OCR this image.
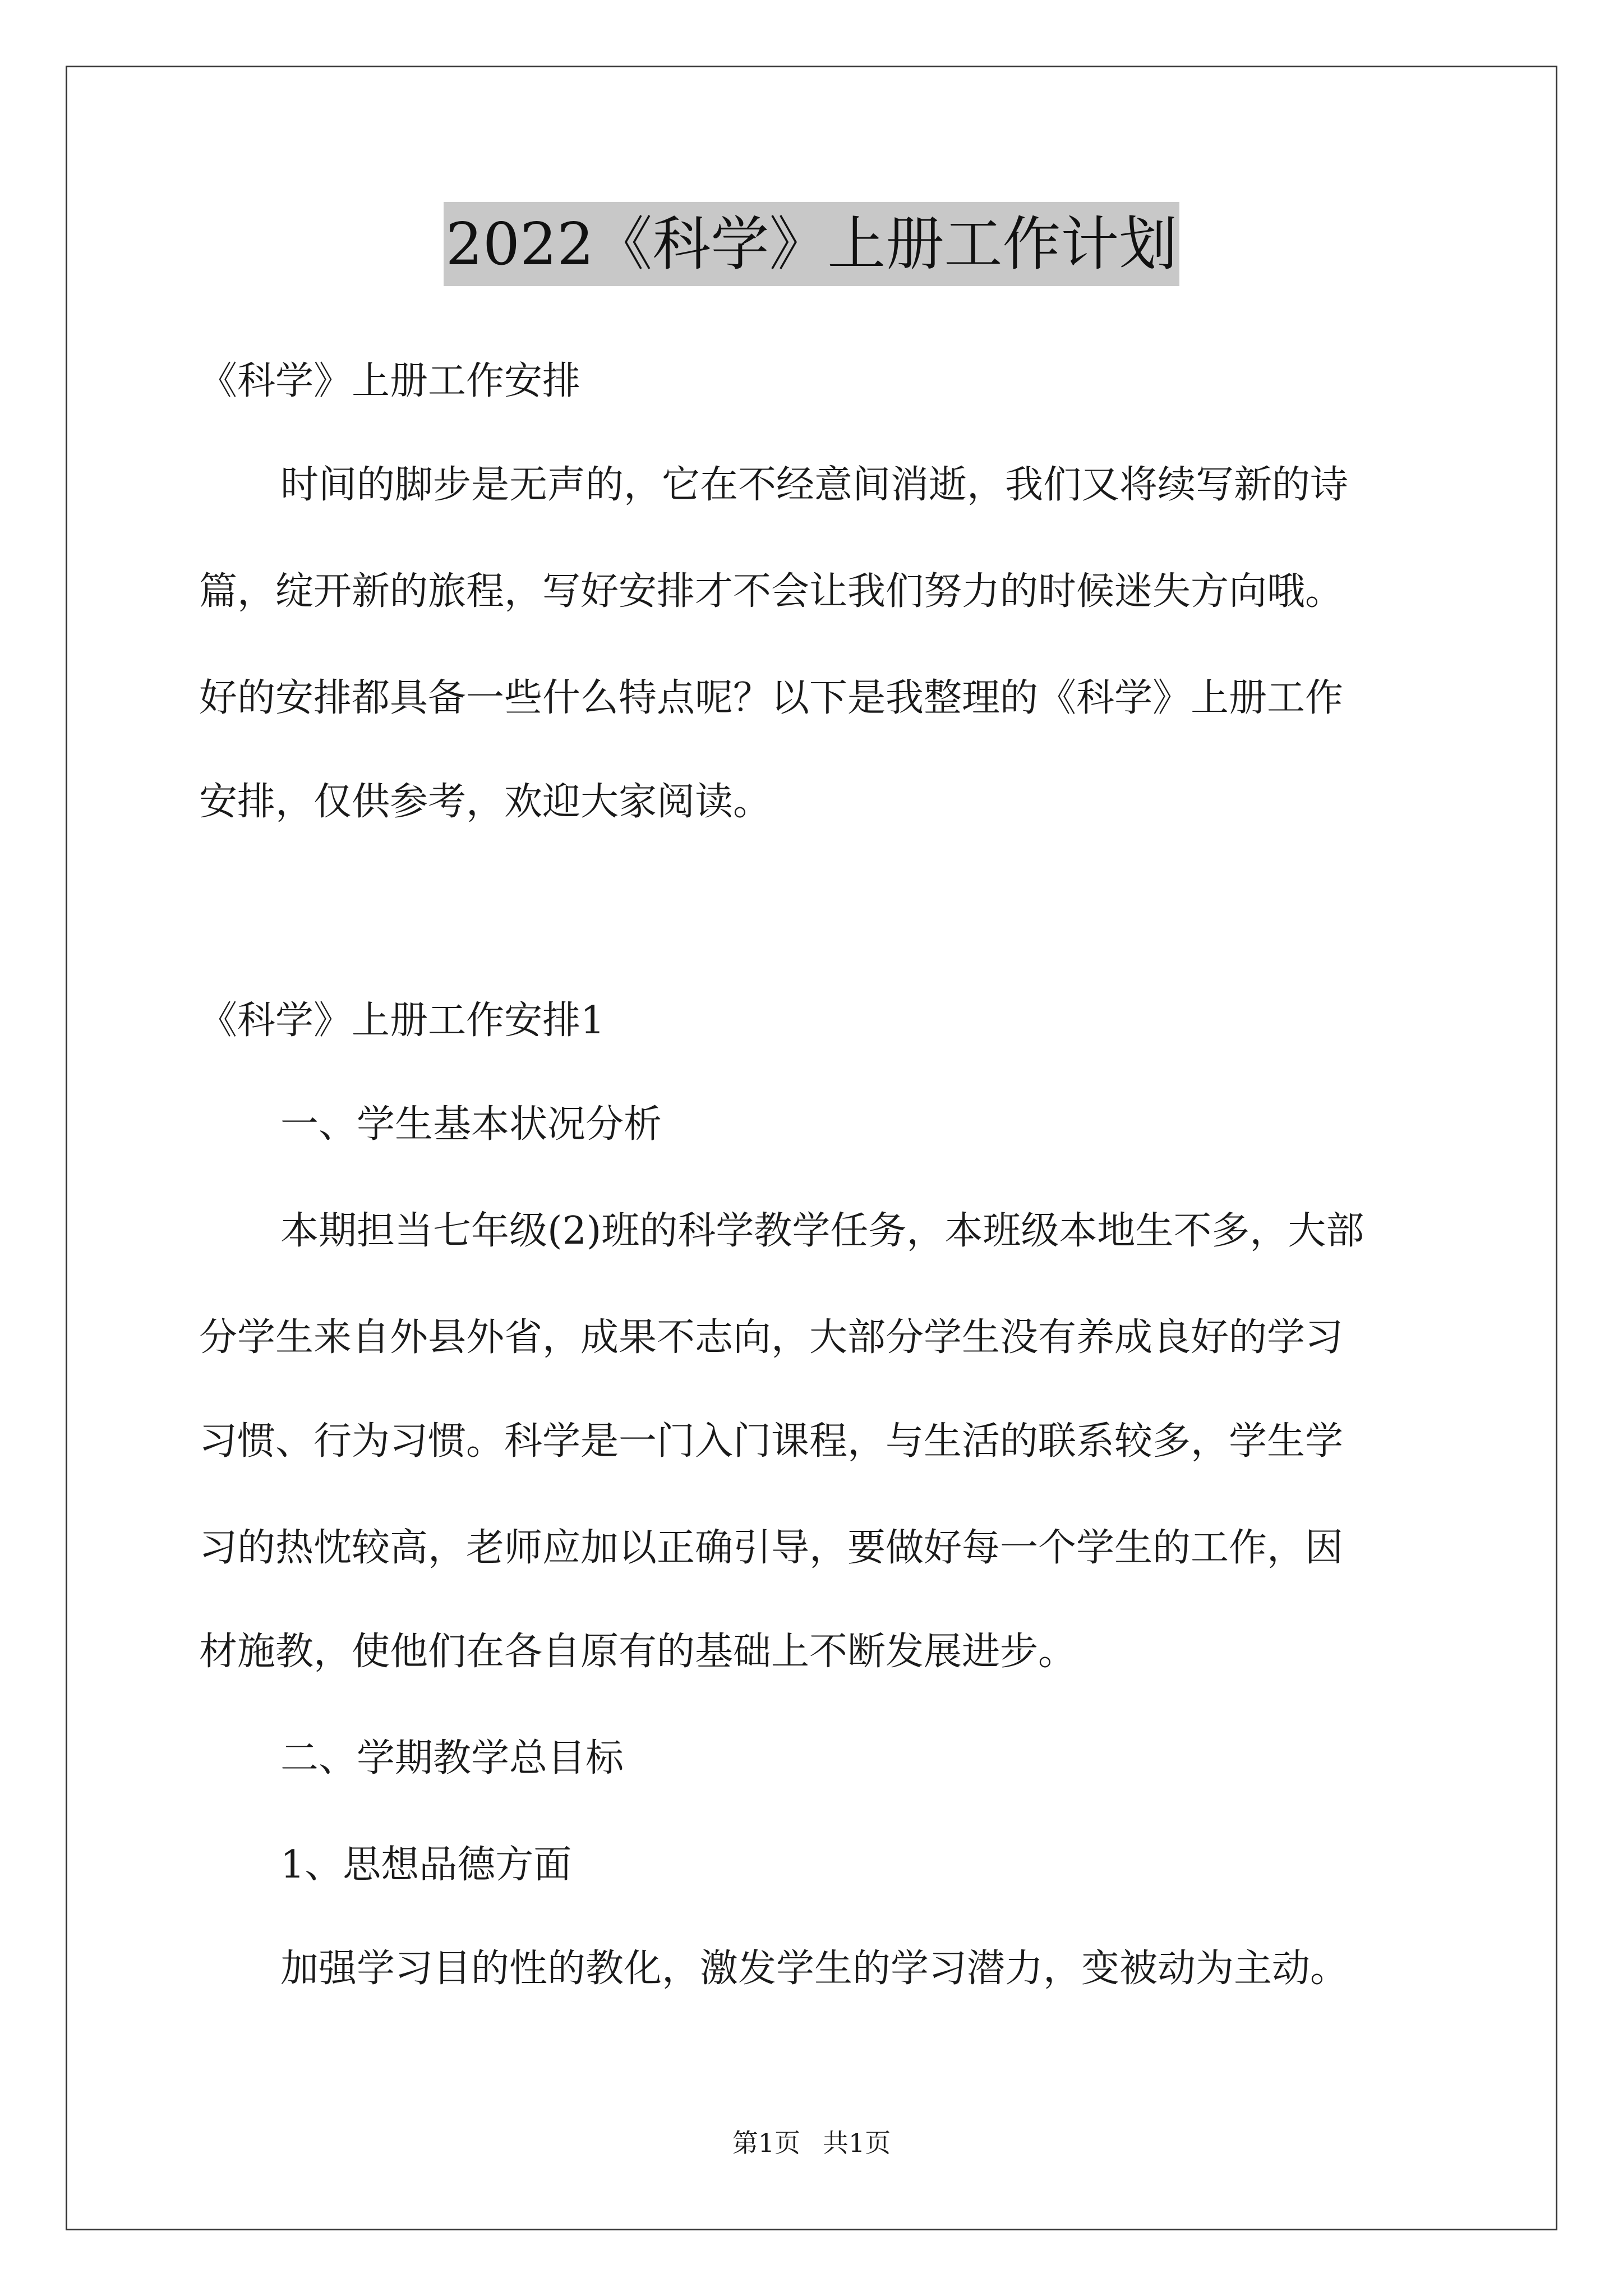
2022《科学》上册工作计划
《科学》上册工作安排
时间的脚步是无声的，它在不经意间消逝，我们又将续写新的诗
篇，绽开新的旅程，写好安排才不会让我们努力的时候迷失方向哦。
好的安排都具备一些什么特点呢？以下是我整理的《科学》上册工作
安排，仅供参考，欢迎大家阅读。
《科学》上册工作安排1
一、学生基本状况分析
本期担当七年级(2)班的科学教学任务，本班级本地生不多，大部
分学生来自外县外省，成果不志向，大部分学生没有养成良好的学习
习惯、行为习惯。科学是一门入门课程，与生活的联系较多，学生学
习的热忱较高，老师应加以正确引导，要做好每一个学生的工作，因
材施教，使他们在各自原有的基础上不断发展进步。
二、学期教学总目标
1、思想品德方面
加强学习目的性的教化，激发学生的学习潜力，变被动为主动。
第1页 共1页
